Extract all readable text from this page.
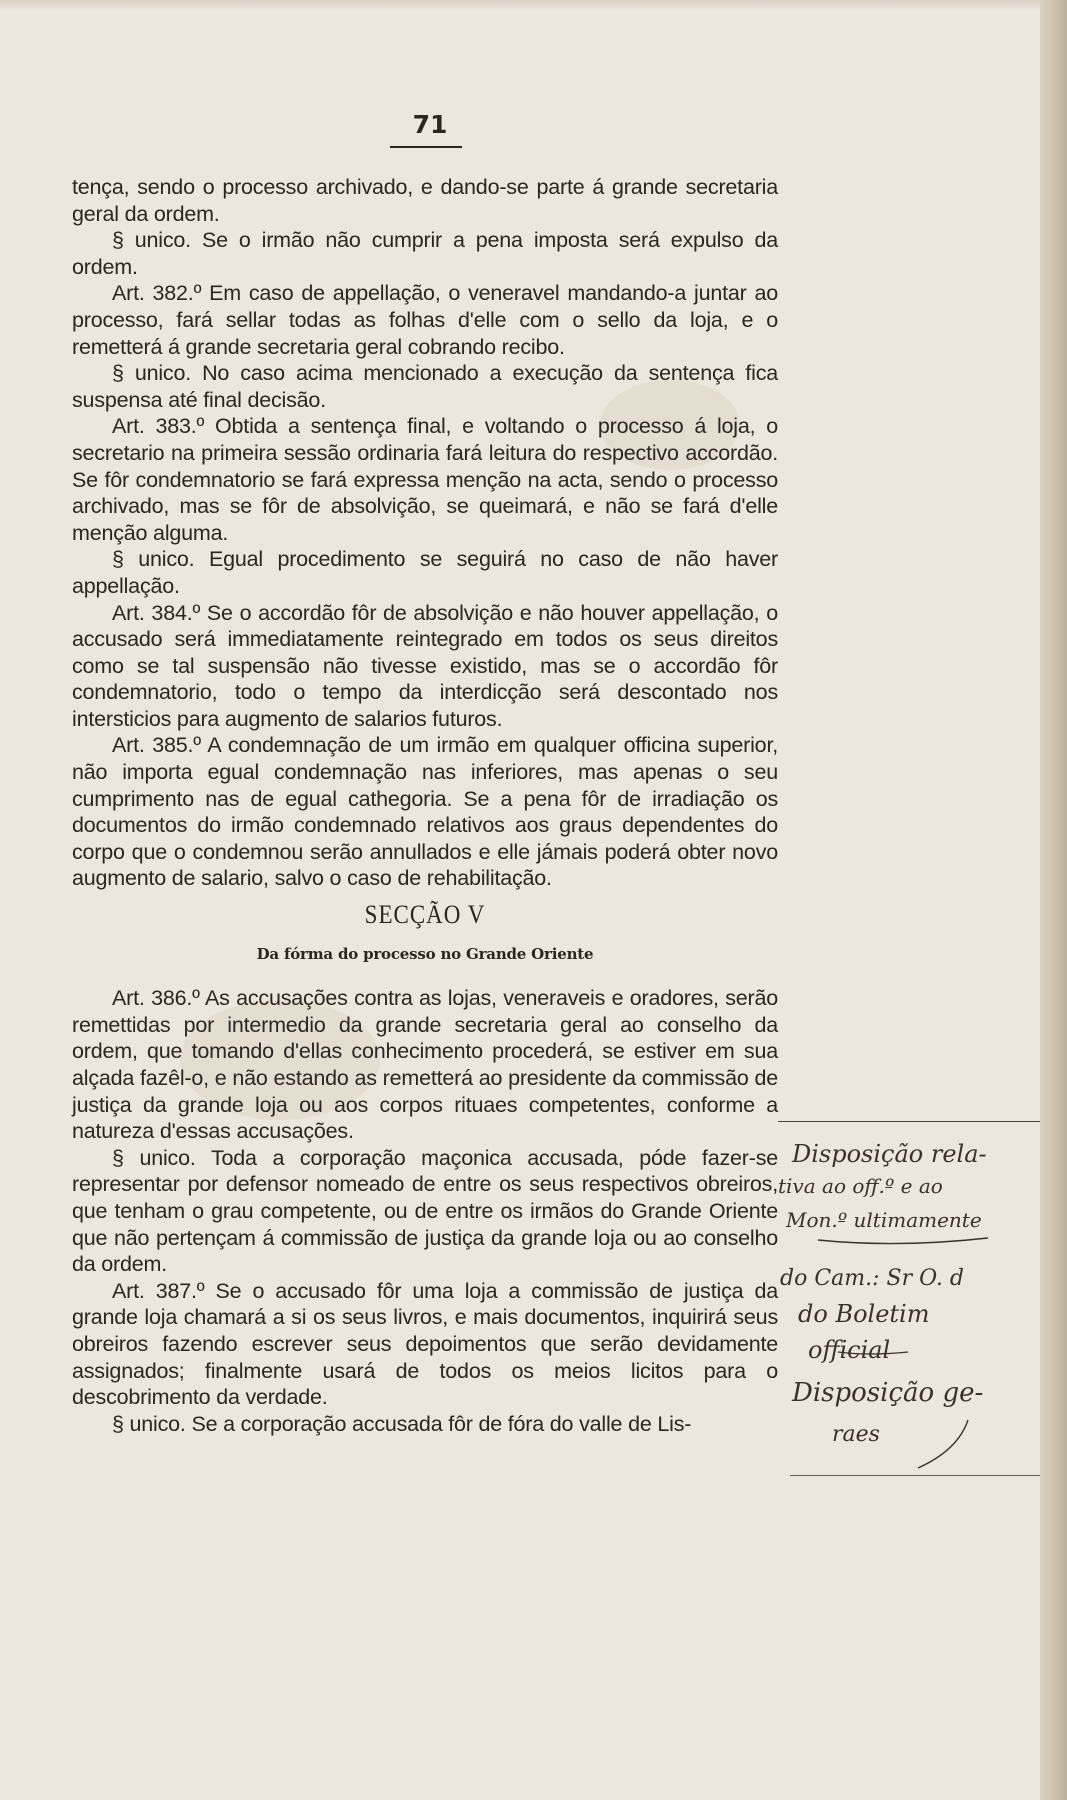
71

tença, sendo o processo archivado, e dando-se parte á grande secretaria geral da ordem.

§ unico. Se o irmão não cumprir a pena imposta será expulso da ordem.

Art. 382.º Em caso de appellação, o veneravel mandando-a juntar ao processo, fará sellar todas as folhas d'elle com o sello da loja, e o remetterá á grande secretaria geral cobrando recibo.

§ unico. No caso acima mencionado a execução da sentença fica suspensa até final decisão.

Art. 383.º Obtida a sentença final, e voltando o processo á loja, o secretario na primeira sessão ordinaria fará leitura do respectivo accordão. Se fôr condemnatorio se fará expressa menção na acta, sendo o processo archivado, mas se fôr de absolvição, se queimará, e não se fará d'elle menção alguma.

§ unico. Egual procedimento se seguirá no caso de não haver appellação.

Art. 384.º Se o accordão fôr de absolvição e não houver appellação, o accusado será immediatamente reintegrado em todos os seus direitos como se tal suspensão não tivesse existido, mas se o accordão fôr condemnatorio, todo o tempo da interdicção será descontado nos intersticios para augmento de salarios futuros.

Art. 385.º A condemnação de um irmão em qualquer officina superior, não importa egual condemnação nas inferiores, mas apenas o seu cumprimento nas de egual cathegoria. Se a pena fôr de irradiação os documentos do irmão condemnado relativos aos graus dependentes do corpo que o condemnou serão annullados e elle jámais poderá obter novo augmento de salario, salvo o caso de rehabilitação.

SECÇÃO V
Da fórma do processo no Grande Oriente

Art. 386.º As accusações contra as lojas, veneraveis e oradores, serão remettidas por intermedio da grande secretaria geral ao conselho da ordem, que tomando d'ellas conhecimento procederá, se estiver em sua alçada fazêl-o, e não estando as remetterá ao presidente da commissão de justiça da grande loja ou aos corpos rituaes competentes, conforme a natureza d'essas accusações.

§ unico. Toda a corporação maçonica accusada, póde fazer-se representar por defensor nomeado de entre os seus respectivos obreiros, que tenham o grau competente, ou de entre os irmãos do Grande Oriente que não pertençam á commissão de justiça da grande loja ou ao conselho da ordem.

Art. 387.º Se o accusado fôr uma loja a commissão de justiça da grande loja chamará a si os seus livros, e mais documentos, inquirirá seus obreiros fazendo escrever seus depoimentos que serão devidamente assignados; finalmente usará de todos os meios licitos para o descobrimento da verdade.

§ unico. Se a corporação accusada fôr de fóra do valle de Lis-

Disposição rela-
tiva ao off.º e ao
Mon.º ultimamente
do Cam.: Sr O. d
do Boletim
official
Disposição ge-
raes
